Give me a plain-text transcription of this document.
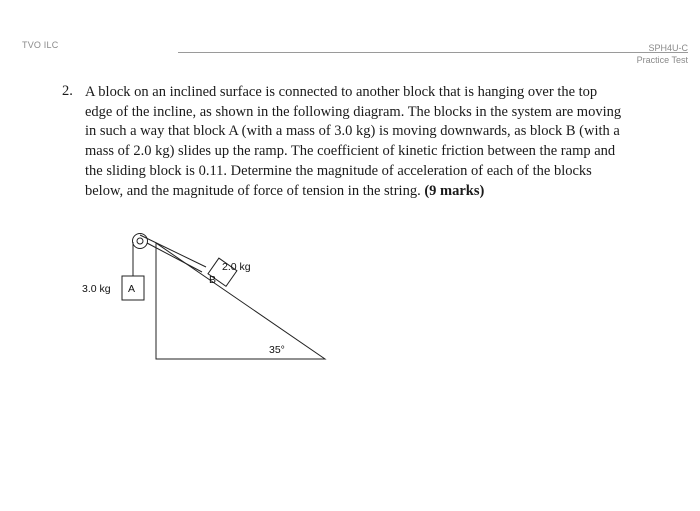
TVO ILC	SPH4U-C
Practice Test
2. A block on an inclined surface is connected to another block that is hanging over the top edge of the incline, as shown in the following diagram. The blocks in the system are moving in such a way that block A (with a mass of 3.0 kg) is moving downwards, as block B (with a mass of 2.0 kg) slides up the ramp. The coefficient of kinetic friction between the ramp and the sliding block is 0.11. Determine the magnitude of acceleration of each of the blocks below, and the magnitude of force of tension in the string. (9 marks)
A
3.0 kg
B
2.0 kg
35°
